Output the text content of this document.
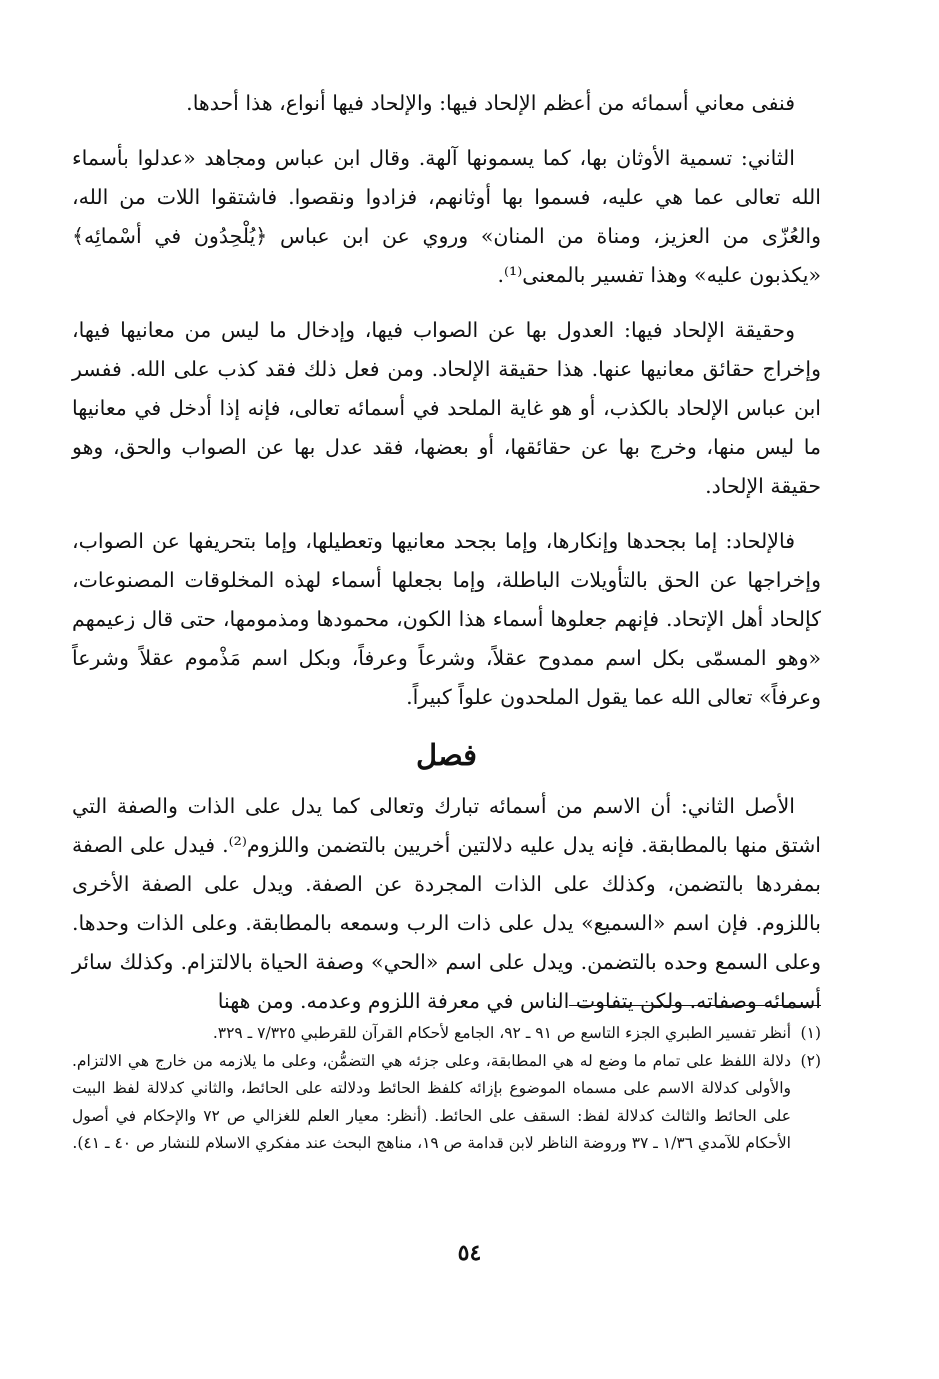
فنفى معاني أسمائه من أعظم الإلحاد فيها: والإلحاد فيها أنواع، هذا أحدها.

الثاني: تسمية الأوثان بها، كما يسمونها آلهة. وقال ابن عباس ومجاهد «عدلوا بأسماء الله تعالى عما هي عليه، فسموا بها أوثانهم، فزادوا ونقصوا. فاشتقوا اللات من الله، والعُزّى من العزيز، ومناة من المنان» وروي عن ابن عباس ﴿يُلْحِدُون في أسْمائِه﴾ «يكذبون عليه» وهذا تفسير بالمعنى⁽¹⁾.

وحقيقة الإلحاد فيها: العدول بها عن الصواب فيها، وإدخال ما ليس من معانيها فيها، وإخراج حقائق معانيها عنها. هذا حقيقة الإلحاد. ومن فعل ذلك فقد كذب على الله. ففسر ابن عباس الإلحاد بالكذب، أو هو غاية الملحد في أسمائه تعالى، فإنه إذا أدخل في معانيها ما ليس منها، وخرج بها عن حقائقها، أو بعضها، فقد عدل بها عن الصواب والحق، وهو حقيقة الإلحاد.

فالإلحاد: إما بجحدها وإنكارها، وإما بجحد معانيها وتعطيلها، وإما بتحريفها عن الصواب، وإخراجها عن الحق بالتأويلات الباطلة، وإما بجعلها أسماء لهذه المخلوقات المصنوعات، كإلحاد أهل الإتحاد. فإنهم جعلوها أسماء هذا الكون، محمودها ومذمومها، حتى قال زعيمهم «وهو المسمّى بكل اسم ممدوح عقلاً، وشرعاً وعرفاً، وبكل اسم مَذْموم عقلاً وشرعاً وعرفاً» تعالى الله عما يقول الملحدون علواً كبيراً.

فصل

الأصل الثاني: أن الاسم من أسمائه تبارك وتعالى كما يدل على الذات والصفة التي اشتق منها بالمطابقة. فإنه يدل عليه دلالتين أخريين بالتضمن واللزوم⁽²⁾. فيدل على الصفة بمفردها بالتضمن، وكذلك على الذات المجردة عن الصفة. ويدل على الصفة الأخرى باللزوم. فإن اسم «السميع» يدل على ذات الرب وسمعه بالمطابقة. وعلى الذات وحدها. وعلى السمع وحده بالتضمن. ويدل على اسم «الحي» وصفة الحياة بالالتزام. وكذلك سائر أسمائه وصفاته. ولكن يتفاوت الناس في معرفة اللزوم وعدمه. ومن ههنا

(١)
أنظر تفسير الطبري الجزء التاسع ص ٩١ ـ ٩٢، الجامع لأحكام القرآن للقرطبي ٧/٣٢٥ ـ ٣٢٩.
(٢)
دلالة اللفظ على تمام ما وضع له هي المطابقة، وعلى جزئه هي التضمُّن، وعلى ما يلازمه من خارج هي الالتزام. والأولى كدلالة الاسم على مسماه الموضوع بإزائه كلفظ الحائط ودلالته على الحائط، والثاني كدلالة لفظ البيت على الحائط والثالث كدلالة لفظ: السقف على الحائط. (أنظر: معيار العلم للغزالي ص ٧٢ والإحكام في أصول الأحكام للآمدي ١/٣٦ ـ ٣٧ وروضة الناظر لابن قدامة ص ١٩، مناهج البحث عند مفكري الاسلام للنشار ص ٤٠ ـ ٤١).
٥٤
